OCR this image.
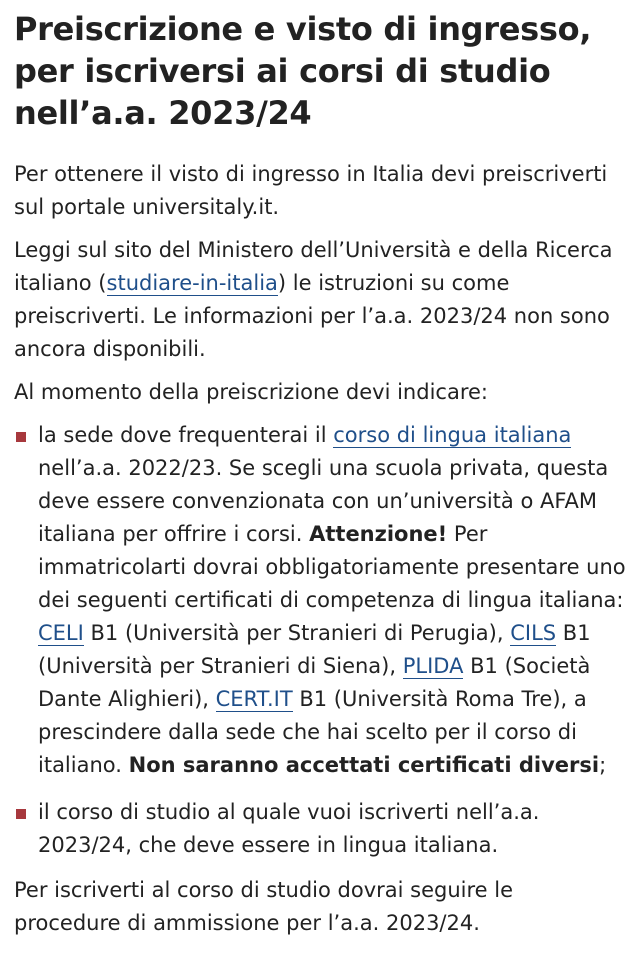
Preiscrizione e visto di ingresso, per iscriversi ai corsi di studio nell’a.a. 2023/24

Per ottenere il visto di ingresso in Italia devi preiscriverti sul portale universitaly.it.

Leggi sul sito del Ministero dell’Università e della Ricerca italiano (studiare-in-italia) le istruzioni su come preiscriverti. Le informazioni per l’a.a. 2023/24 non sono ancora disponibili.

Al momento della preiscrizione devi indicare:

la sede dove frequenterai il corso di lingua italiana nell’a.a. 2022/23. Se scegli una scuola privata, questa deve essere convenzionata con un’università o AFAM italiana per offrire i corsi. Attenzione! Per immatricolarti dovrai obbligatoriamente presentare uno dei seguenti certificati di competenza di lingua italiana: CELI B1 (Università per Stranieri di Perugia), CILS B1 (Università per Stranieri di Siena), PLIDA B1 (Società Dante Alighieri), CERT.IT B1 (Università Roma Tre), a prescindere dalla sede che hai scelto per il corso di italiano. Non saranno accettati certificati diversi;
il corso di studio al quale vuoi iscriverti nell’a.a. 2023/24, che deve essere in lingua italiana.

Per iscriverti al corso di studio dovrai seguire le procedure di ammissione per l’a.a. 2023/24.
